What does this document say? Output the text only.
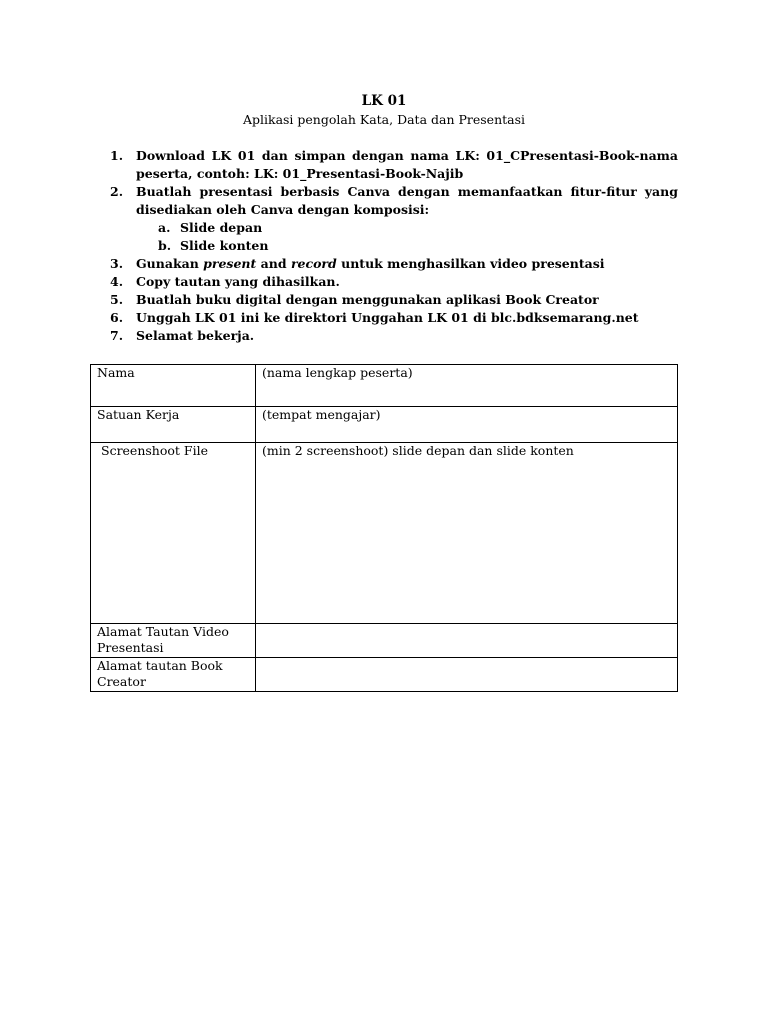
LK 01
Aplikasi pengolah Kata, Data dan Presentasi
1. Download LK 01 dan simpan dengan nama LK: 01_CPresentasi-Book-nama peserta, contoh: LK: 01_Presentasi-Book-Najib
2. Buatlah presentasi berbasis Canva dengan memanfaatkan fitur-fitur yang disediakan oleh Canva dengan komposisi:
a. Slide depan
b. Slide konten
3. Gunakan present and record untuk menghasilkan video presentasi
4. Copy tautan yang dihasilkan.
5. Buatlah buku digital dengan menggunakan aplikasi Book Creator
6. Unggah LK 01 ini ke direktori Unggahan LK 01 di blc.bdksemarang.net
7. Selamat bekerja.
Nama	(nama lengkap peserta)
Satuan Kerja	(tempat mengajar)
Screenshoot File	(min 2 screenshoot) slide depan dan slide konten
Alamat Tautan Video Presentasi	
Alamat tautan Book Creator	
